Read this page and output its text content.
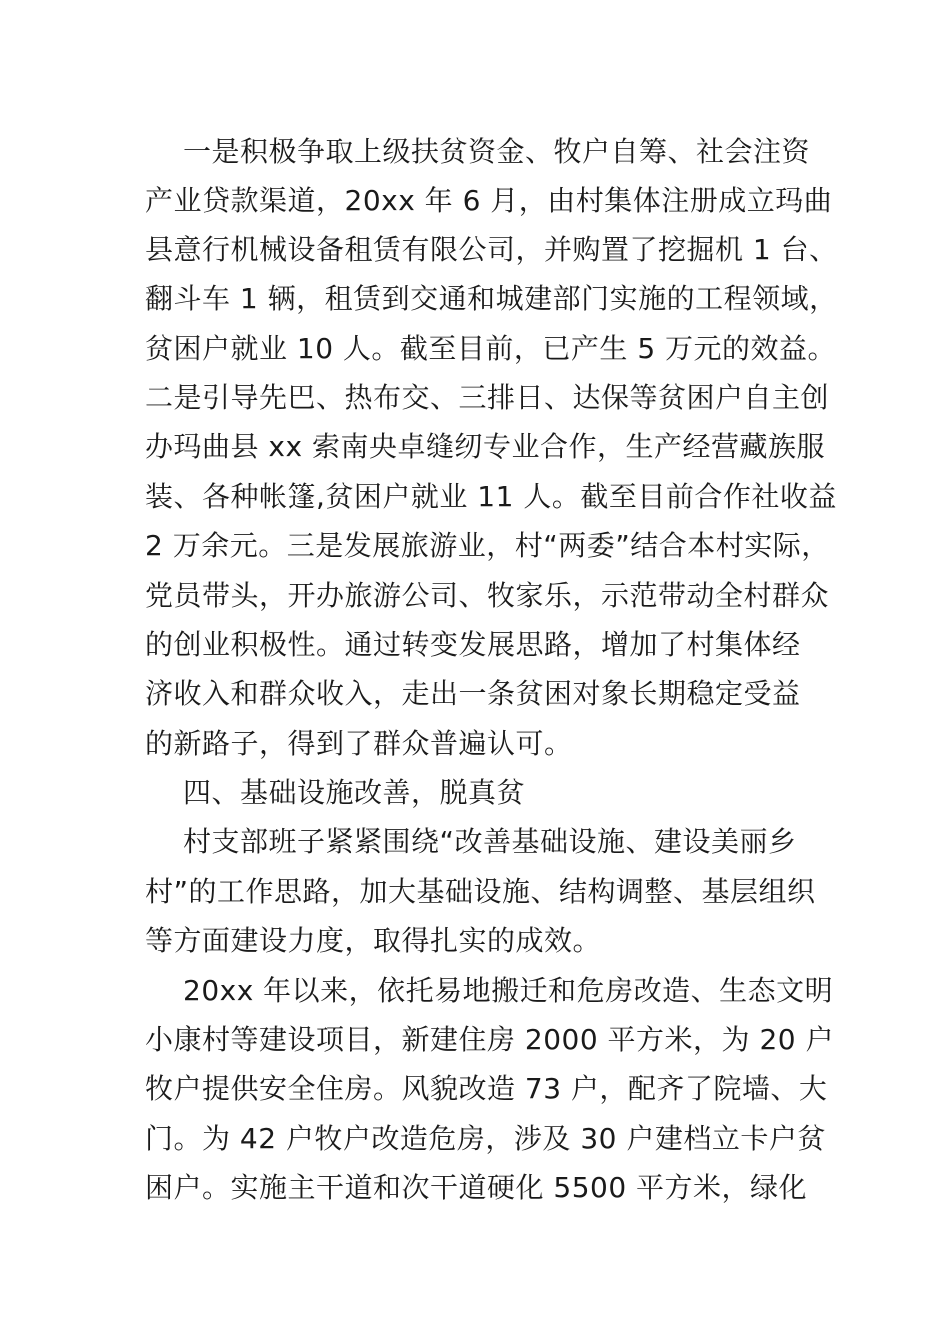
一是积极争取上级扶贫资金、牧户自筹、社会注资
产业贷款渠道，20xx 年 6 月，由村集体注册成立玛曲
县意行机械设备租赁有限公司，并购置了挖掘机 1 台、
翻斗车 1 辆，租赁到交通和城建部门实施的工程领域，
贫困户就业 10 人。截至目前，已产生 5 万元的效益。
二是引导先巴、热布交、三排日、达保等贫困户自主创
办玛曲县 xx 索南央卓缝纫专业合作，生产经营藏族服
装、各种帐篷,贫困户就业 11 人。截至目前合作社收益
2 万余元。三是发展旅游业，村“两委”结合本村实际，
党员带头，开办旅游公司、牧家乐，示范带动全村群众
的创业积极性。通过转变发展思路，增加了村集体经
济收入和群众收入，走出一条贫困对象长期稳定受益
的新路子，得到了群众普遍认可。
四、基础设施改善，脱真贫
村支部班子紧紧围绕“改善基础设施、建设美丽乡
村”的工作思路，加大基础设施、结构调整、基层组织
等方面建设力度，取得扎实的成效。
20xx 年以来，依托易地搬迁和危房改造、生态文明
小康村等建设项目，新建住房 2000 平方米，为 20 户
牧户提供安全住房。风貌改造 73 户，配齐了院墙、大
门。为 42 户牧户改造危房，涉及 30 户建档立卡户贫
困户。实施主干道和次干道硬化 5500 平方米，绿化
